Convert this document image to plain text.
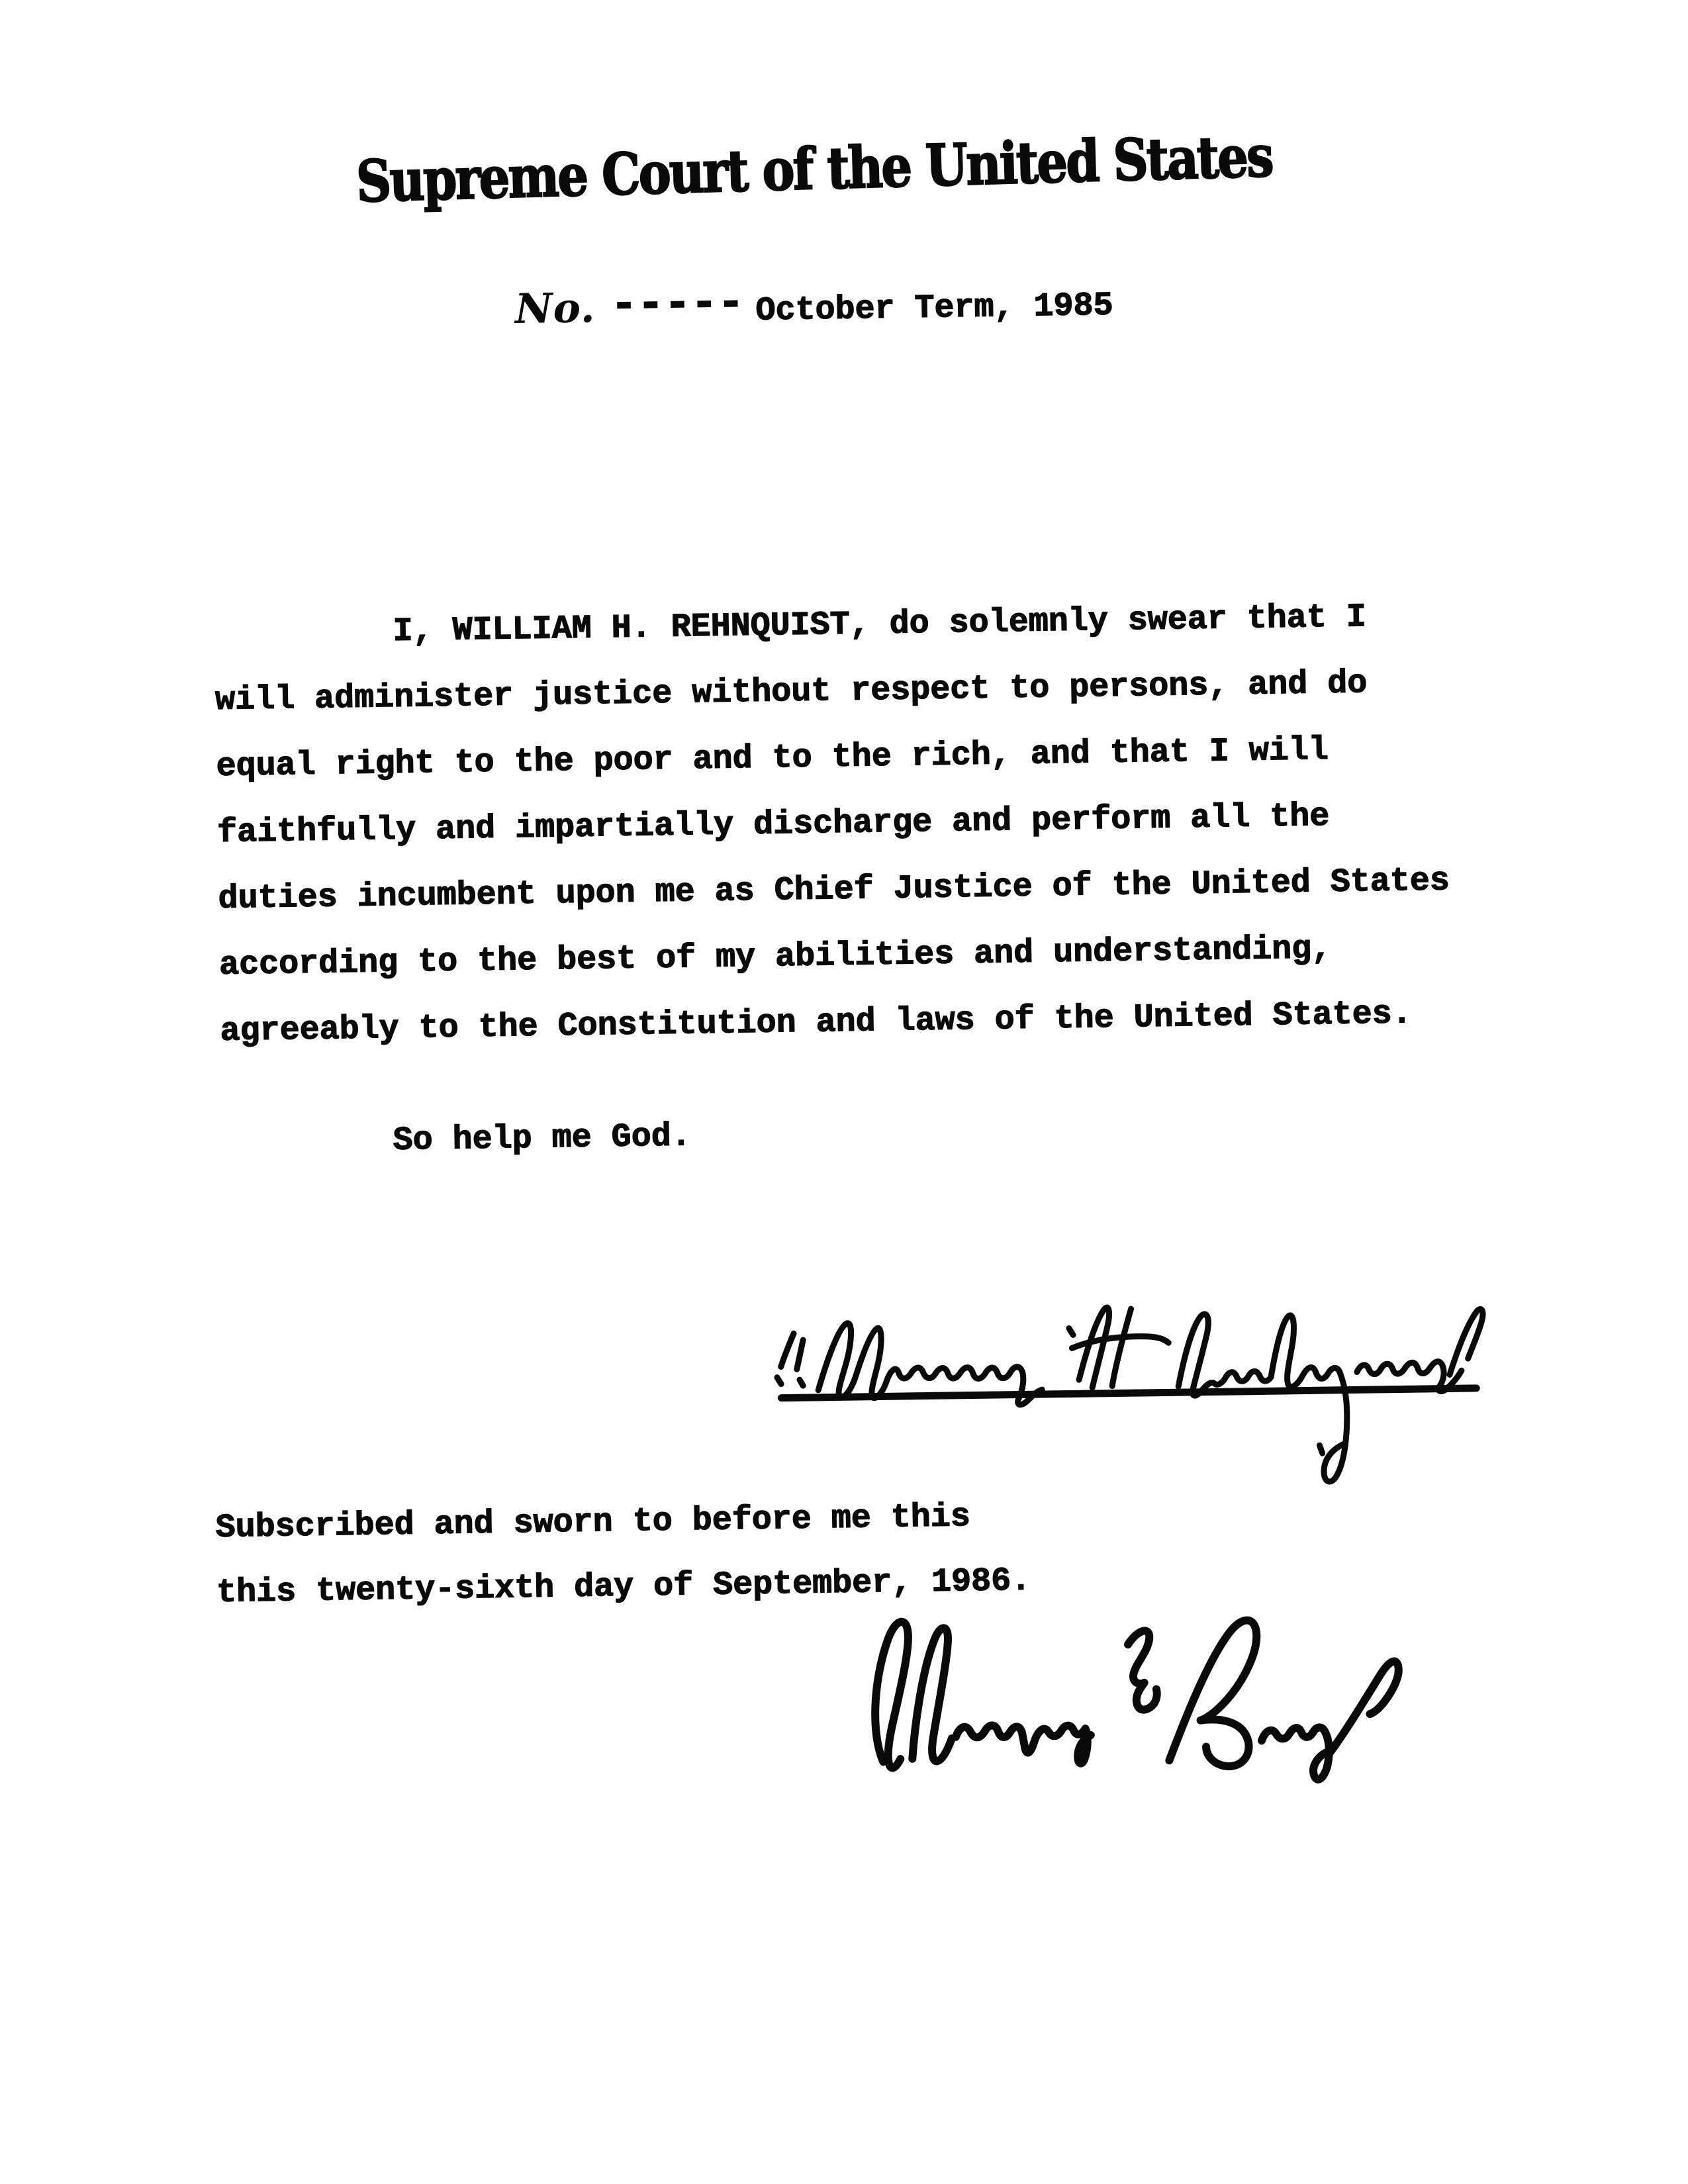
Supreme Court of the United States
No. ----- October Term, 1985
I, WILLIAM H. REHNQUIST, do solemnly swear that I
will administer justice without respect to persons, and do
equal right to the poor and to the rich, and that I will
faithfully and impartially discharge and perform all the
duties incumbent upon me as Chief Justice of the United States
according to the best of my abilities and understanding,
agreeably to the Constitution and laws of the United States.
So help me God.
Subscribed and sworn to before me this
this twenty-sixth day of September, 1986.
